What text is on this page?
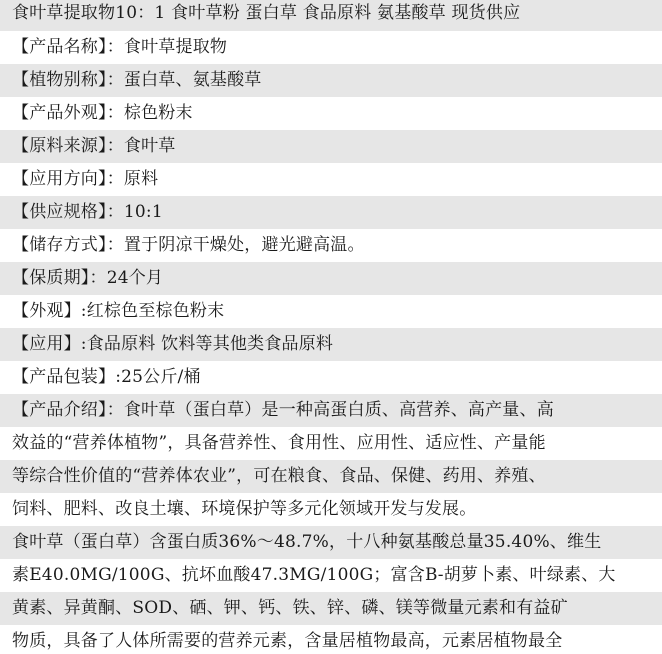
食叶草提取物10：1 食叶草粉 蛋白草 食品原料 氨基酸草 现货供应
【产品名称】：食叶草提取物
【植物别称】：蛋白草、氨基酸草
【产品外观】：棕色粉末
【原料来源】：食叶草
【应用方向】：原料
【供应规格】：10:1
【储存方式】：置于阴凉干燥处，避光避高温。
【保质期】：24个月
【外观】:红棕色至棕色粉末
【应用】:食品原料 饮料等其他类食品原料
【产品包装】:25公斤/桶
【产品介绍】：食叶草（蛋白草）是一种高蛋白质、高营养、高产量、高
效益的“营养体植物”，具备营养性、食用性、应用性、适应性、产量能
等综合性价值的“营养体农业”，可在粮食、食品、保健、药用、养殖、
饲料、肥料、改良土壤、环境保护等多元化领域开发与发展。
食叶草（蛋白草）含蛋白质36%～48.7%，十八种氨基酸总量35.40%、维生
素E40.0MG/100G、抗坏血酸47.3MG/100G；富含Β-胡萝卜素、叶绿素、大
黄素、异黄酮、SOD、硒、钾、钙、铁、锌、磷、镁等微量元素和有益矿
物质，具备了人体所需要的营养元素，含量居植物最高，元素居植物最全
